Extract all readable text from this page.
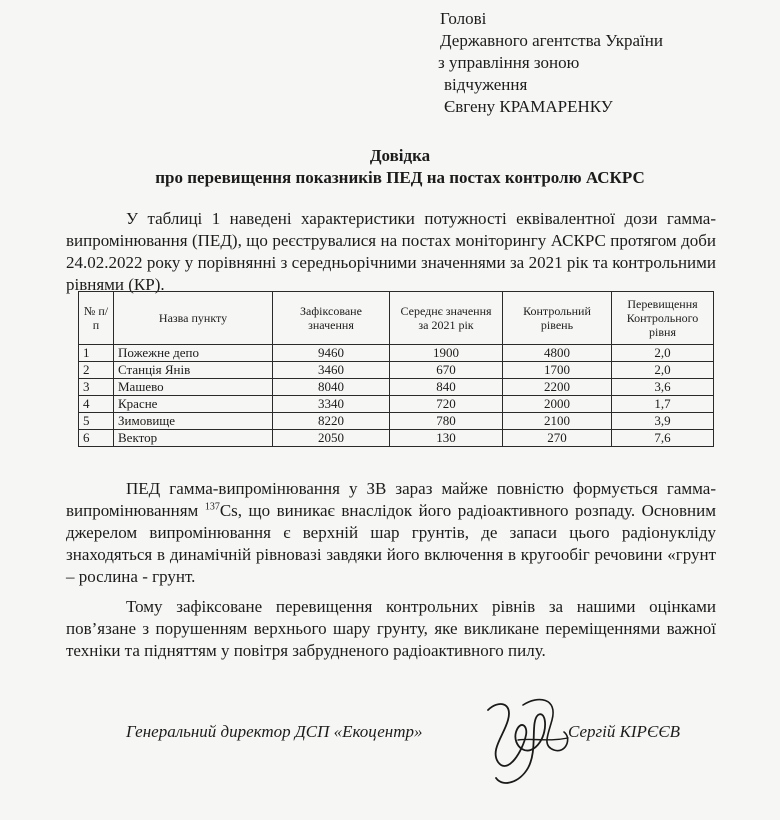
Голові
Державного агентства України
з управління зоною
відчуження
Євгену КРАМАРЕНКУ
Довідка
про перевищення показників ПЕД на постах контролю АСКРС
У таблиці 1 наведені характеристики потужності еквівалентної дози гамма-випромінювання (ПЕД), що реєструвалися на постах моніторингу АСКРС протягом доби 24.02.2022 року у порівнянні з середньорічними значеннями за 2021 рік та контрольними рівнями (КР).
№ п/п	Назва пункту	Зафіксоване значення	Середнє значення за 2021 рік	Контрольний рівень	Перевищення Контрольного рівня
1	Пожежне депо	9460	1900	4800	2,0
2	Станція Янів	3460	670	1700	2,0
3	Машево	8040	840	2200	3,6
4	Красне	3340	720	2000	1,7
5	Зимовище	8220	780	2100	3,9
6	Вектор	2050	130	270	7,6
ПЕД гамма-випромінювання у ЗВ зараз майже повністю формується гамма-випромінюванням $^{137}$Cs, що виникає внаслідок його радіоактивного розпаду. Основним джерелом випромінювання є верхній шар грунтів, де запаси цього радіонукліду знаходяться в динамічній рівновазі завдяки його включення в кругообіг речовини «грунт – рослина - грунт.
Тому зафіксоване перевищення контрольних рівнів за нашими оцінками пов’язане з порушенням верхнього шару грунту, яке викликане переміщеннями важної техніки та підняттям у повітря забрудненого радіоактивного пилу.
Генеральний директор ДСП «Екоцентр»	Сергій КІРЄЄВ
